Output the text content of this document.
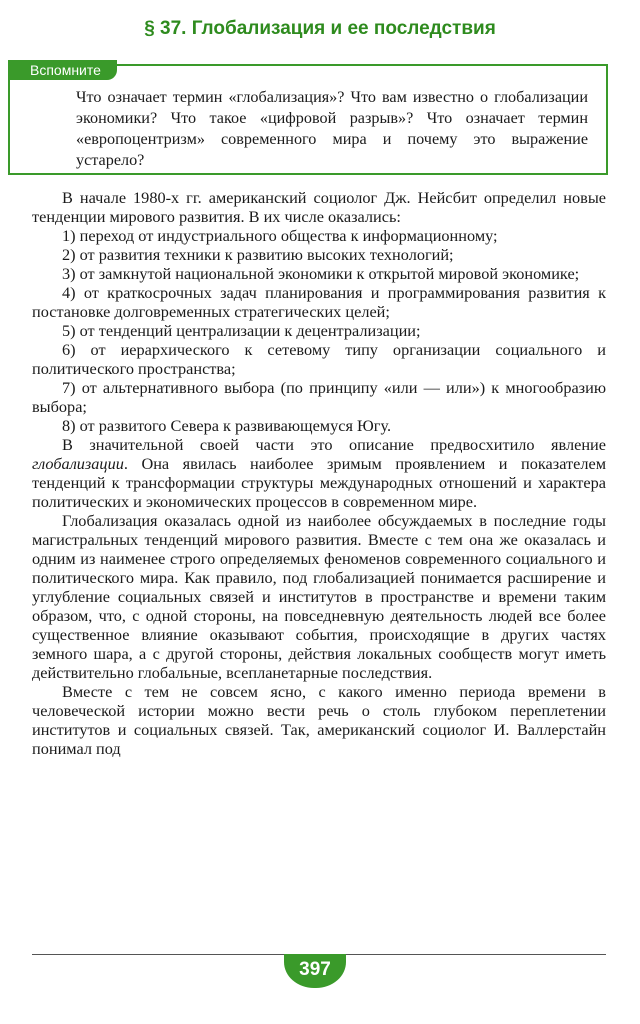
§ 37. Глобализация и ее последствия
Вспомните
Что означает термин «глобализация»? Что вам известно о глобализации экономики? Что такое «цифровой разрыв»? Что означает термин «европоцентризм» современного мира и почему это выражение устарело?

В начале 1980-х гг. американский социолог Дж. Нейсбит определил новые тенденции мирового развития. В их числе оказались:

1) переход от индустриального общества к информационному;

2) от развития техники к развитию высоких технологий;

3) от замкнутой национальной экономики к открытой мировой экономике;

4) от краткосрочных задач планирования и программирования развития к постановке долговременных стратегических целей;

5) от тенденций централизации к децентрализации;

6) от иерархического к сетевому типу организации социального и политического пространства;

7) от альтернативного выбора (по принципу «или — или») к многообразию выбора;

8) от развитого Севера к развивающемуся Югу.

В значительной своей части это описание предвосхитило явление глобализации. Она явилась наиболее зримым проявлением и показателем тенденций к трансформации структуры международных отношений и характера политических и экономических процессов в современном мире.

Глобализация оказалась одной из наиболее обсуждаемых в последние годы магистральных тенденций мирового развития. Вместе с тем она же оказалась и одним из наименее строго определяемых феноменов современного социального и политического мира. Как правило, под глобализацией понимается расширение и углубление социальных связей и институтов в пространстве и времени таким образом, что, с одной стороны, на повседневную деятельность людей все более существенное влияние оказывают события, происходящие в других частях земного шара, а с другой стороны, действия локальных сообществ могут иметь действительно глобальные, всепланетарные последствия.

Вместе с тем не совсем ясно, с какого именно периода времени в человеческой истории можно вести речь о столь глубоком переплетении институтов и социальных связей. Так, американский социолог И. Валлерстайн понимал под

397
